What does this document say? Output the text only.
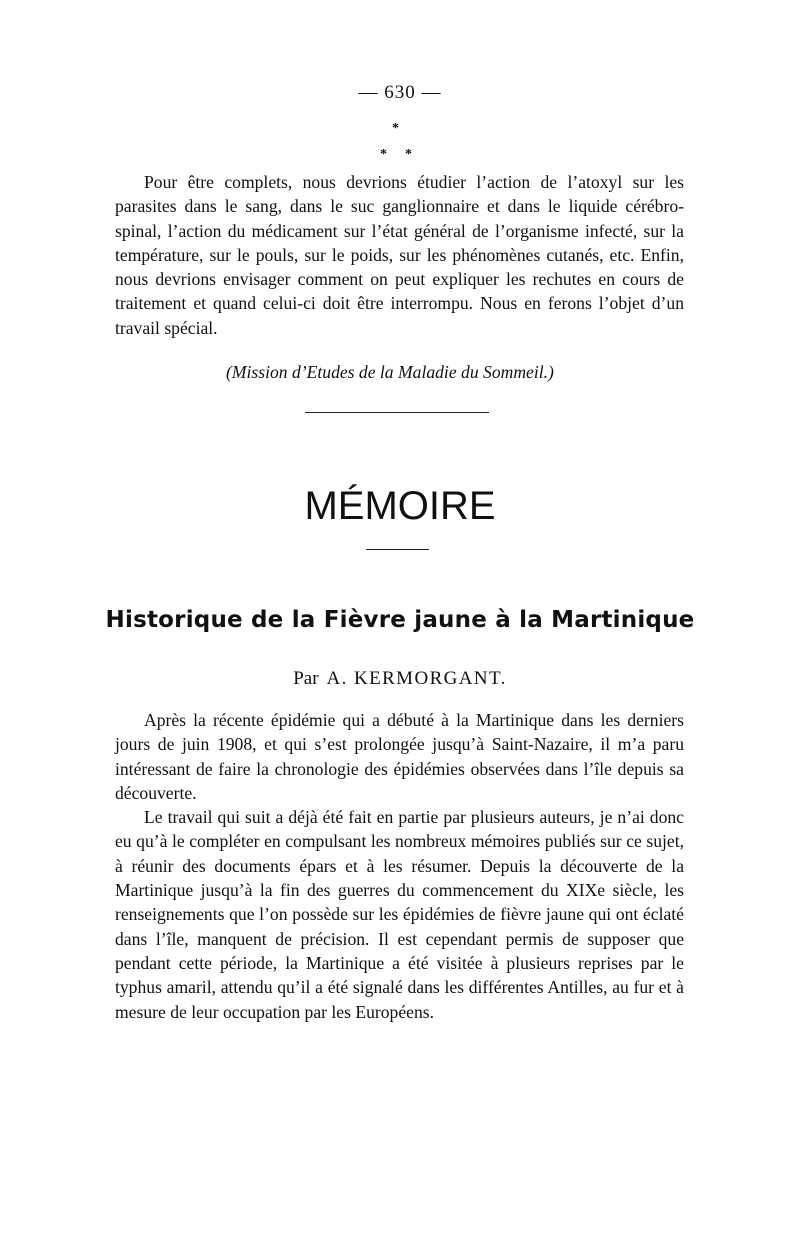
— 630 —
*
* *

Pour être complets, nous devrions étudier l’action de l’atoxyl sur les parasites dans le sang, dans le suc ganglionnaire et dans le liquide cérébro-spinal, l’action du médicament sur l’état général de l’organisme infecté, sur la température, sur le pouls, sur le poids, sur les phénomènes cutanés, etc. Enfin, nous devrions envisager comment on peut expliquer les rechutes en cours de traitement et quand celui-ci doit être interrompu. Nous en ferons l’objet d’un travail spécial.

(Mission d’Etudes de la Maladie du Sommeil.)
MÉMOIRE
Historique de la Fièvre jaune à la Martinique
Par A. KERMORGANT.

Après la récente épidémie qui a débuté à la Martinique dans les derniers jours de juin 1908, et qui s’est prolongée jusqu’à Saint-Nazaire, il m’a paru intéressant de faire la chronologie des épidémies observées dans l’île depuis sa découverte.

Le travail qui suit a déjà été fait en partie par plusieurs auteurs, je n’ai donc eu qu’à le compléter en compulsant les nombreux mémoires publiés sur ce sujet, à réunir des documents épars et à les résumer. Depuis la découverte de la Martinique jusqu’à la fin des guerres du commencement du XIXe siècle, les renseignements que l’on possède sur les épidémies de fièvre jaune qui ont éclaté dans l’île, manquent de précision. Il est cependant permis de supposer que pendant cette période, la Martinique a été visitée à plusieurs reprises par le typhus amaril, attendu qu’il a été signalé dans les différentes Antilles, au fur et à mesure de leur occupation par les Européens.
